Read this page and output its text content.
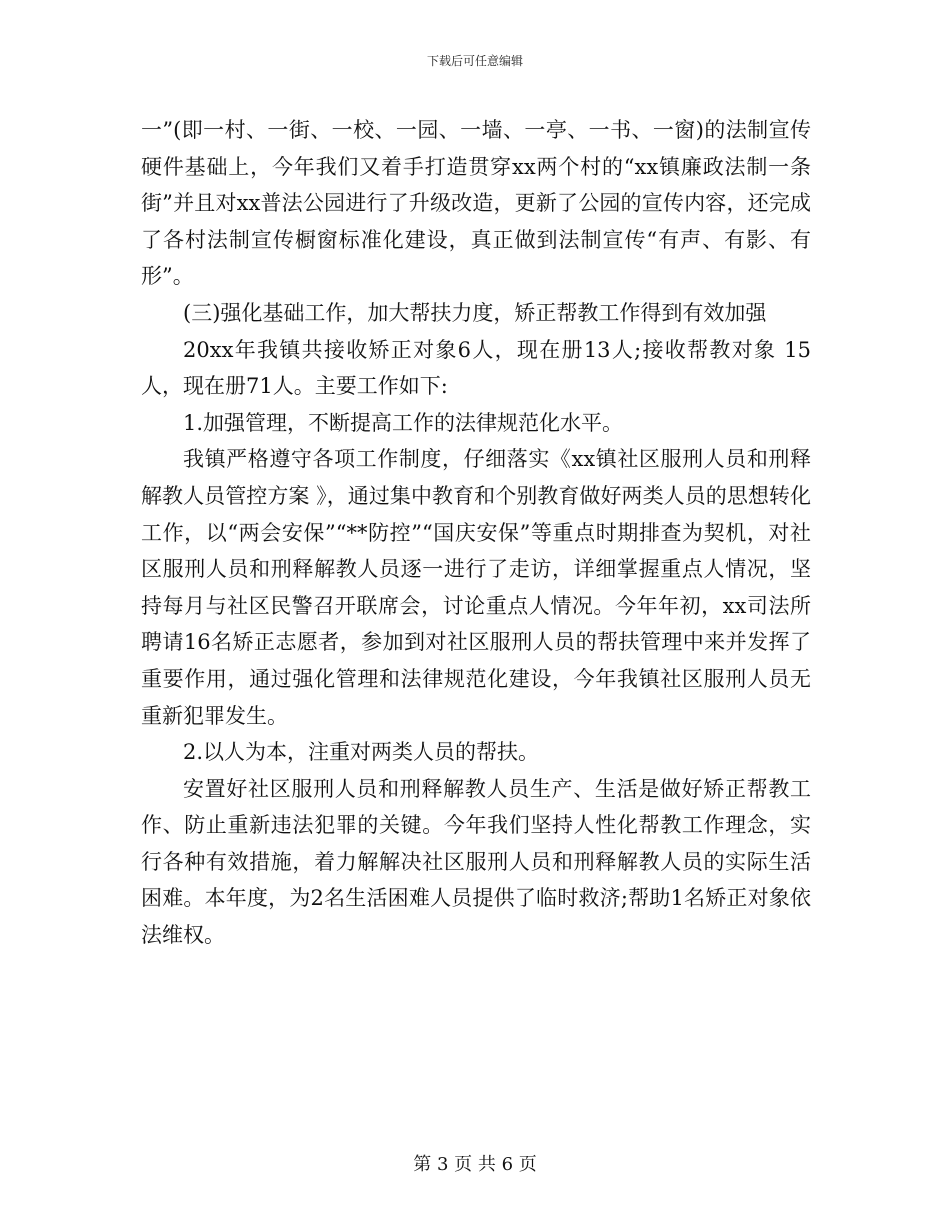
下载后可任意编辑

一”(即一村、一街、一校、一园、一墙、一亭、一书、一窗)的法制宣传硬件基础上，今年我们又着手打造贯穿xx两个村的“xx镇廉政法制一条街”并且对xx普法公园进行了升级改造，更新了公园的宣传内容，还完成了各村法制宣传橱窗标准化建设，真正做到法制宣传“有声、有影、有形”。

(三)强化基础工作，加大帮扶力度，矫正帮教工作得到有效加强

20xx年我镇共接收矫正对象6人，现在册13人;接收帮教对象 15人，现在册71人。主要工作如下:

1.加强管理，不断提高工作的法律规范化水平。

我镇严格遵守各项工作制度，仔细落实《xx镇社区服刑人员和刑释解教人员管控方案 》，通过集中教育和个别教育做好两类人员的思想转化工作，以“两会安保”“**防控”“国庆安保”等重点时期排查为契机，对社区服刑人员和刑释解教人员逐一进行了走访，详细掌握重点人情况，坚持每月与社区民警召开联席会，讨论重点人情况。今年年初，xx司法所聘请16名矫正志愿者，参加到对社区服刑人员的帮扶管理中来并发挥了重要作用，通过强化管理和法律规范化建设，今年我镇社区服刑人员无重新犯罪发生。

2.以人为本，注重对两类人员的帮扶。

安置好社区服刑人员和刑释解教人员生产、生活是做好矫正帮教工作、防止重新违法犯罪的关键。今年我们坚持人性化帮教工作理念，实行各种有效措施，着力解解决社区服刑人员和刑释解教人员的实际生活困难。本年度，为2名生活困难人员提供了临时救济;帮助1名矫正对象依法维权。

第 3 页 共 6 页
